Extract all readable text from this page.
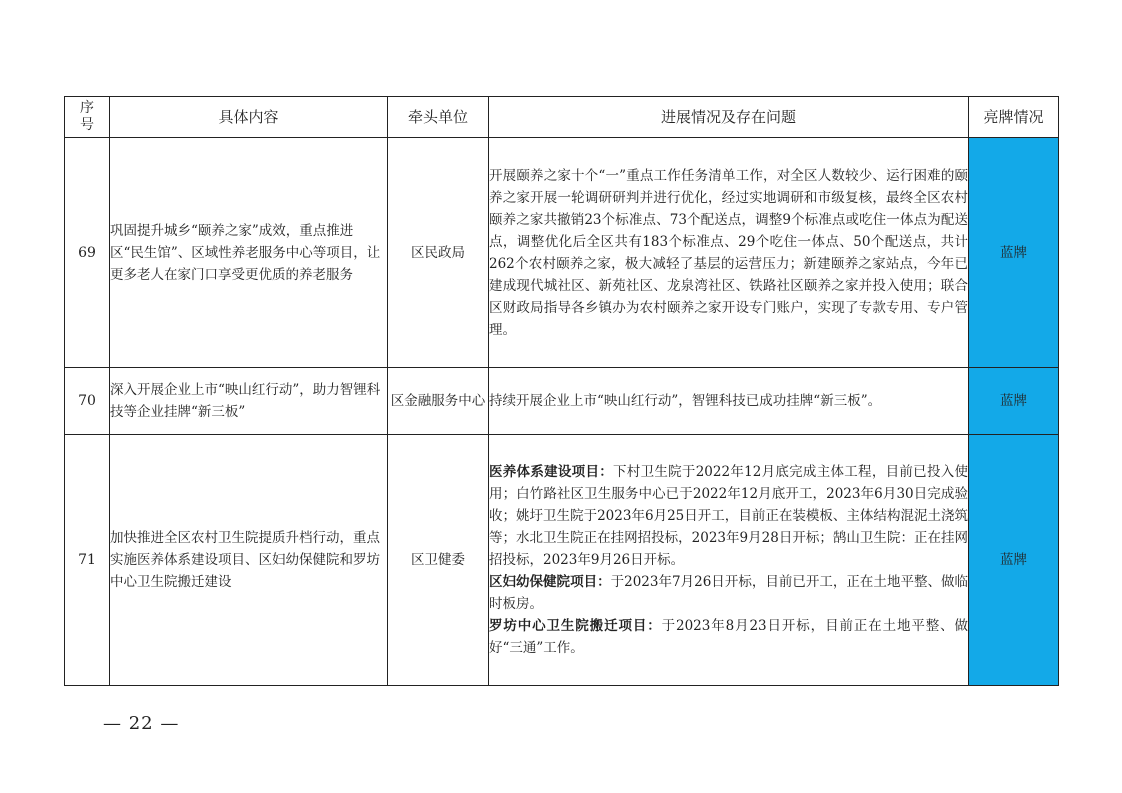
序号	具体内容	牵头单位	进展情况及存在问题	亮牌情况
69	巩固提升城乡“颐养之家”成效，重点推进区“民生馆”、区域性养老服务中心等项目，让更多老人在家门口享受更优质的养老服务	区民政局	开展颐养之家十个“一”重点工作任务清单工作，对全区人数较少、运行困难的颐养之家开展一轮调研研判并进行优化，经过实地调研和市级复核，最终全区农村颐养之家共撤销23个标准点、73个配送点，调整9个标准点或吃住一体点为配送点，调整优化后全区共有183个标准点、29个吃住一体点、50个配送点，共计262个农村颐养之家，极大减轻了基层的运营压力；新建颐养之家站点，今年已建成现代城社区、新苑社区、龙泉湾社区、铁路社区颐养之家并投入使用；联合区财政局指导各乡镇办为农村颐养之家开设专门账户，实现了专款专用、专户管理。	蓝牌
70	深入开展企业上市“映山红行动”，助力智锂科技等企业挂牌“新三板”	区金融服务中心	持续开展企业上市“映山红行动”，智锂科技已成功挂牌“新三板”。	蓝牌
71	加快推进全区农村卫生院提质升档行动，重点实施医养体系建设项目、区妇幼保健院和罗坊中心卫生院搬迁建设	区卫健委	医养体系建设项目：下村卫生院于2022年12月底完成主体工程，目前已投入使用；白竹路社区卫生服务中心已于2022年12月底开工，2023年6月30日完成验收；姚圩卫生院于2023年6月25日开工，目前正在装模板、主体结构混泥土浇筑等；水北卫生院正在挂网招投标，2023年9月28日开标；鹄山卫生院：正在挂网招投标，2023年9月26日开标。
区妇幼保健院项目：于2023年7月26日开标，目前已开工，正在土地平整、做临时板房。
罗坊中心卫生院搬迁项目：于2023年8月23日开标，目前正在土地平整、做好“三通”工作。	蓝牌
— 22 —
